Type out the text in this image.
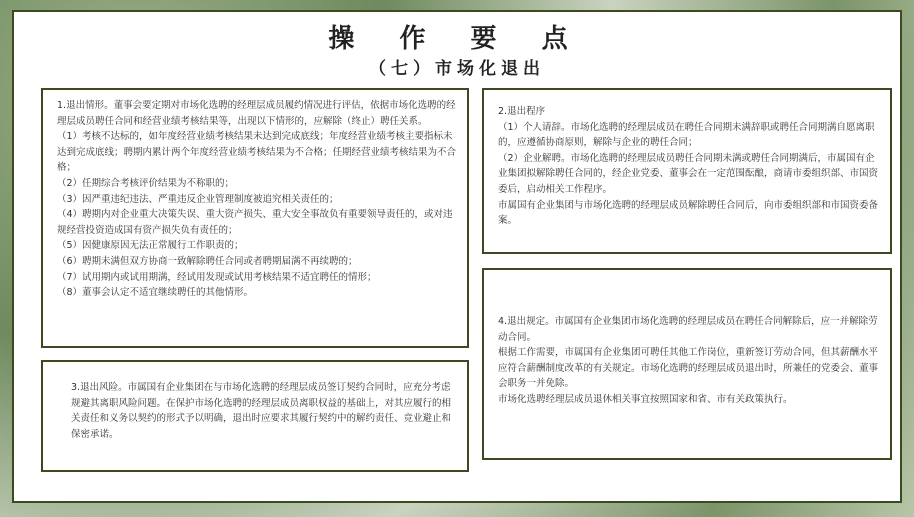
操 作 要 点
（七）市场化退出

1.退出情形。董事会要定期对市场化选聘的经理层成员履约情况进行评估，依据市场化选聘的经理层成员聘任合同和经营业绩考核结果等，出现以下情形的，应解除（终止）聘任关系。

（1）考核不达标的，如年度经营业绩考核结果未达到完成底线；年度经营业绩考核主要指标未达到完成底线；聘期内累计两个年度经营业绩考核结果为不合格；任期经营业绩考核结果为不合格；

（2）任期综合考核评价结果为不称职的；

（3）因严重违纪违法、严重违反企业管理制度被追究相关责任的；

（4）聘期内对企业重大决策失误、重大资产损失、重大安全事故负有重要领导责任的，或对违规经营投资造成国有资产损失负有责任的；

（5）因健康原因无法正常履行工作职责的；

（6）聘期未满但双方协商一致解除聘任合同或者聘期届满不再续聘的；

（7）试用期内或试用期满，经试用发现或试用考核结果不适宜聘任的情形；

（8）董事会认定不适宜继续聘任的其他情形。

3.退出风险。市属国有企业集团在与市场化选聘的经理层成员签订契约合同时，应充分考虑规避其离职风险问题。在保护市场化选聘的经理层成员离职权益的基础上，对其应履行的相关责任和义务以契约的形式予以明确，退出时应要求其履行契约中的解约责任、竞业避止和保密承诺。

2.退出程序

（1）个人请辞。市场化选聘的经理层成员在聘任合同期未满辞职或聘任合同期满自愿离职的，应遵循协商原则，解除与企业的聘任合同；

（2）企业解聘。市场化选聘的经理层成员聘任合同期未满或聘任合同期满后，市属国有企业集团拟解除聘任合同的，经企业党委、董事会在一定范围酝酿，商请市委组织部、市国资委后，启动相关工作程序。

市属国有企业集团与市场化选聘的经理层成员解除聘任合同后，向市委组织部和市国资委备案。

4.退出规定。市属国有企业集团市场化选聘的经理层成员在聘任合同解除后，应一并解除劳动合同。

根据工作需要，市属国有企业集团可聘任其他工作岗位，重新签订劳动合同，但其薪酬水平应符合薪酬制度改革的有关规定。市场化选聘的经理层成员退出时，所兼任的党委会、董事会职务一并免除。

市场化选聘经理层成员退休相关事宜按照国家和省、市有关政策执行。
